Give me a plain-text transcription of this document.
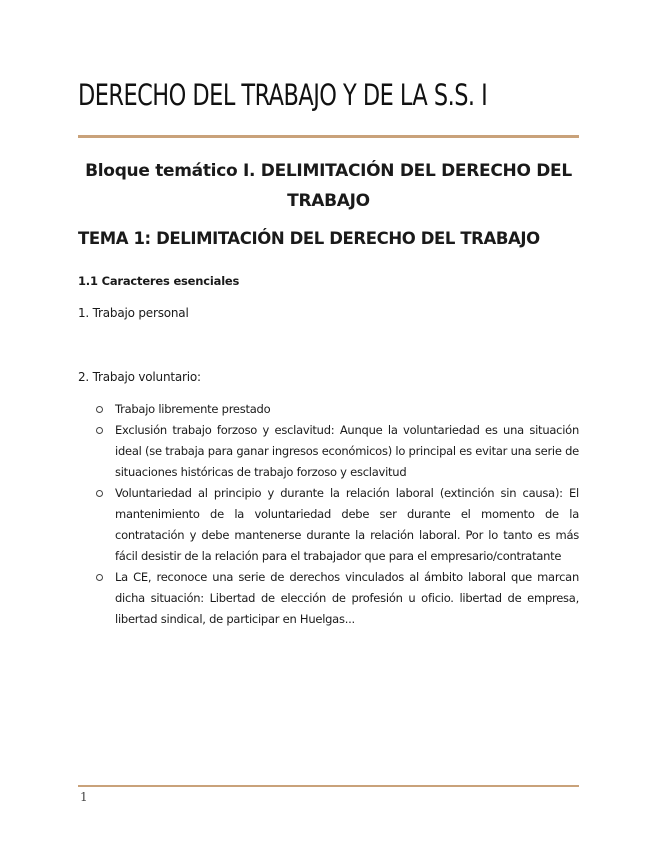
DERECHO DEL TRABAJO Y DE LA S.S. I
Bloque temático I. DELIMITACIÓN DEL DERECHO DEL TRABAJO
TEMA 1: DELIMITACIÓN DEL DERECHO DEL TRABAJO
1.1 Caracteres esenciales
1. Trabajo personal
2. Trabajo voluntario:
Trabajo libremente prestado
Exclusión trabajo forzoso y esclavitud: Aunque la voluntariedad es una situación ideal (se trabaja para ganar ingresos económicos) lo principal es evitar una serie de situaciones históricas de trabajo forzoso y esclavitud
Voluntariedad al principio y durante la relación laboral (extinción sin causa): El mantenimiento de la voluntariedad debe ser durante el momento de la contratación y debe mantenerse durante la relación laboral. Por lo tanto es más fácil desistir de la relación para el trabajador que para el empresario/contratante
La CE, reconoce una serie de derechos vinculados al ámbito laboral que marcan dicha situación: Libertad de elección de profesión u oficio. libertad de empresa, libertad sindical, de participar en Huelgas...
1
